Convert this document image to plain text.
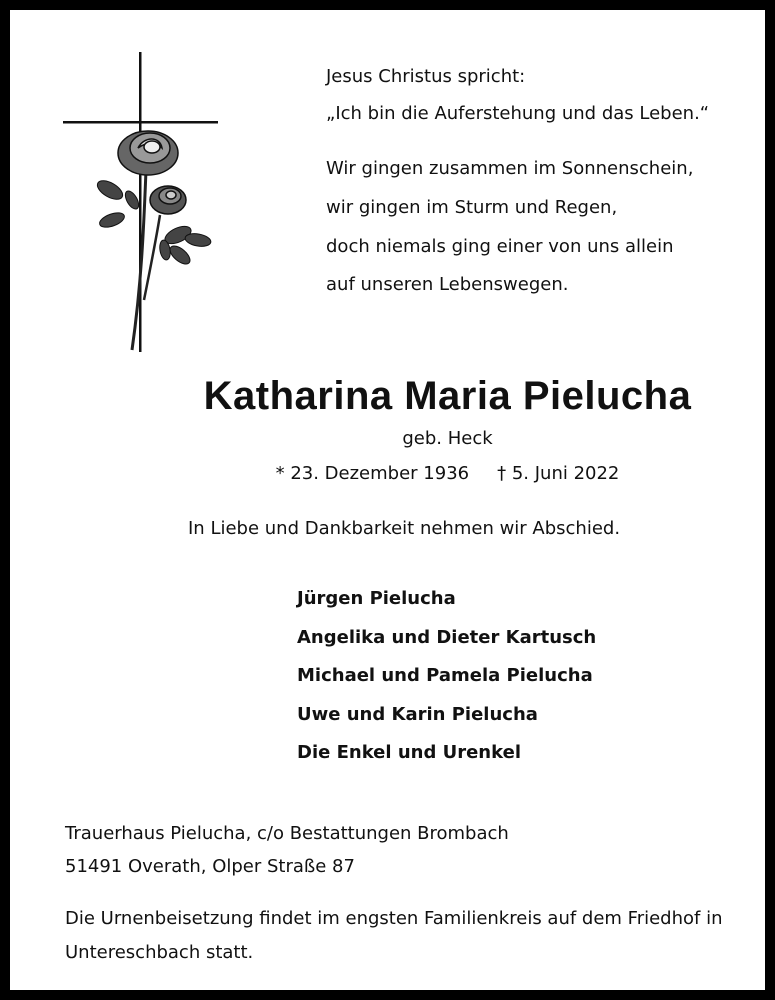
Jesus Christus spricht:
„Ich bin die Auferstehung und das Leben.“
Wir gingen zusammen im Sonnenschein,
wir gingen im Sturm und Regen,
doch niemals ging einer von uns allein
auf unseren Lebenswegen.
Katharina Maria Pielucha
geb. Heck
* 23. Dezember 1936 † 5. Juni 2022
In Liebe und Dankbarkeit nehmen wir Abschied.
Jürgen Pielucha
Angelika und Dieter Kartusch
Michael und Pamela Pielucha
Uwe und Karin Pielucha
Die Enkel und Urenkel
Trauerhaus Pielucha, c/o Bestattungen Brombach
51491 Overath, Olper Straße 87
Die Urnenbeisetzung findet im engsten Familienkreis auf dem Friedhof in
Untereschbach statt.
